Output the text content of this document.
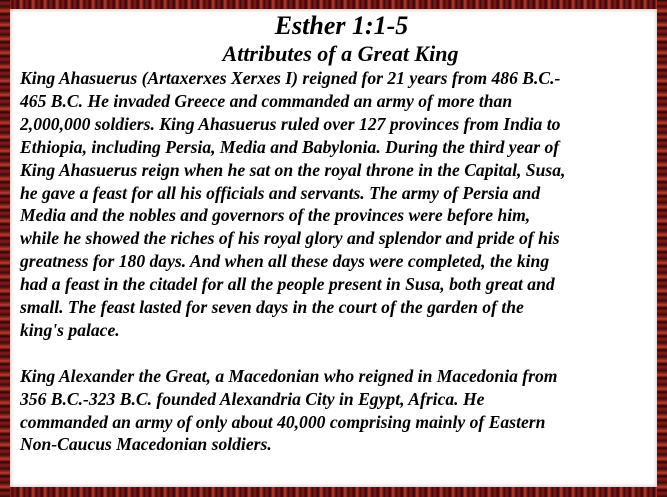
Esther 1:1-5
Attributes of a Great King

King Ahasuerus (Artaxerxes Xerxes I) reigned for 21 years from 486 B.C.-
465 B.C. He invaded Greece and commanded an army of more than
2,000,000 soldiers. King Ahasuerus ruled over 127 provinces from India to
Ethiopia, including Persia, Media and Babylonia. During the third year of
King Ahasuerus reign when he sat on the royal throne in the Capital, Susa,
he gave a feast for all his officials and servants. The army of Persia and
Media and the nobles and governors of the provinces were before him,
while he showed the riches of his royal glory and splendor and pride of his
greatness for 180 days. And when all these days were completed, the king
had a feast in the citadel for all the people present in Susa, both great and
small. The feast lasted for seven days in the court of the garden of the
king's palace.

King Alexander the Great, a Macedonian who reigned in Macedonia from
356 B.C.-323 B.C. founded Alexandria City in Egypt, Africa. He
commanded an army of only about 40,000 comprising mainly of Eastern
Non-Caucus Macedonian soldiers.
